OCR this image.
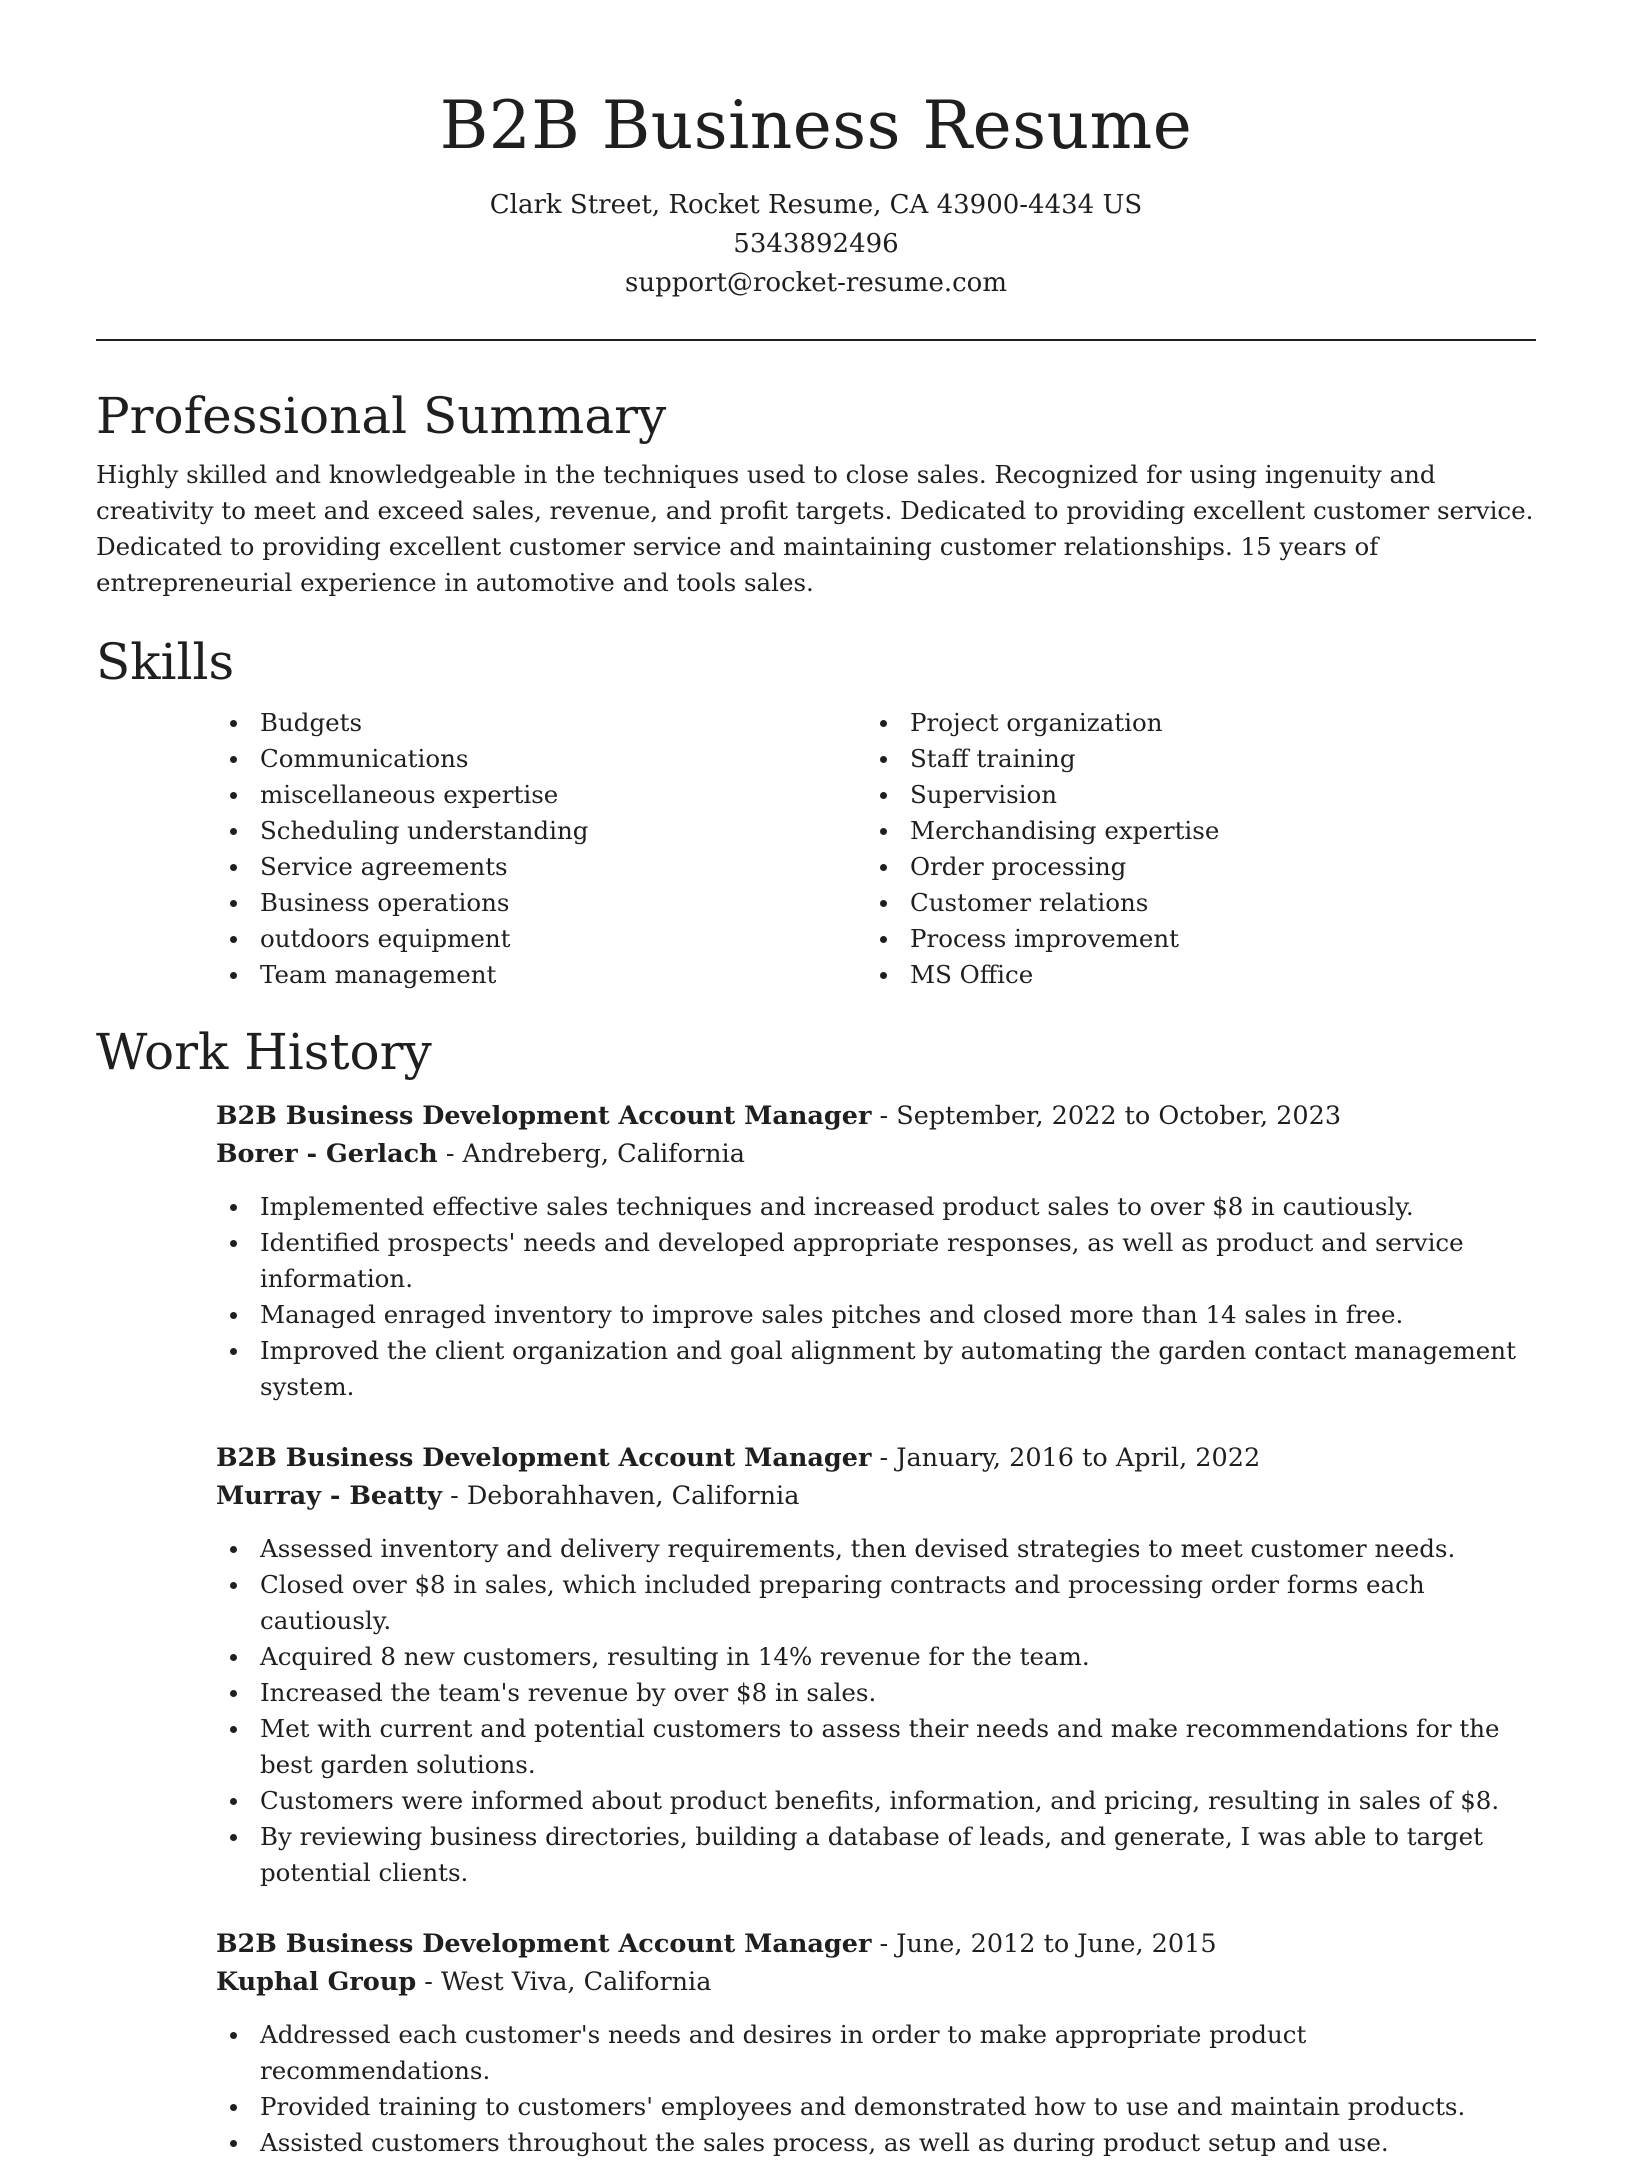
B2B Business Resume

Clark Street, Rocket Resume, CA 43900-4434 US

5343892496

support@rocket-resume.com

Professional Summary

Highly skilled and knowledgeable in the techniques used to close sales. Recognized for using ingenuity and creativity to meet and exceed sales, revenue, and profit targets. Dedicated to providing excellent customer service. Dedicated to providing excellent customer service and maintaining customer relationships. 15 years of entrepreneurial experience in automotive and tools sales.

Skills
Budgets
Communications
miscellaneous expertise
Scheduling understanding
Service agreements
Business operations
outdoors equipment
Team management
Project organization
Staff training
Supervision
Merchandising expertise
Order processing
Customer relations
Process improvement
MS Office
Work History

B2B Business Development Account Manager - September, 2022 to October, 2023

Borer - Gerlach - Andreberg, California

Implemented effective sales techniques and increased product sales to over $8 in cautiously.
Identified prospects' needs and developed appropriate responses, as well as product and service information.
Managed enraged inventory to improve sales pitches and closed more than 14 sales in free.
Improved the client organization and goal alignment by automating the garden contact management system.

B2B Business Development Account Manager - January, 2016 to April, 2022

Murray - Beatty - Deborahhaven, California

Assessed inventory and delivery requirements, then devised strategies to meet customer needs.
Closed over $8 in sales, which included preparing contracts and processing order forms each cautiously.
Acquired 8 new customers, resulting in 14% revenue for the team.
Increased the team's revenue by over $8 in sales.
Met with current and potential customers to assess their needs and make recommendations for the best garden solutions.
Customers were informed about product benefits, information, and pricing, resulting in sales of $8.
By reviewing business directories, building a database of leads, and generate, I was able to target potential clients.

B2B Business Development Account Manager - June, 2012 to June, 2015

Kuphal Group - West Viva, California

Addressed each customer's needs and desires in order to make appropriate product recommendations.
Provided training to customers' employees and demonstrated how to use and maintain products.
Assisted customers throughout the sales process, as well as during product setup and use.
